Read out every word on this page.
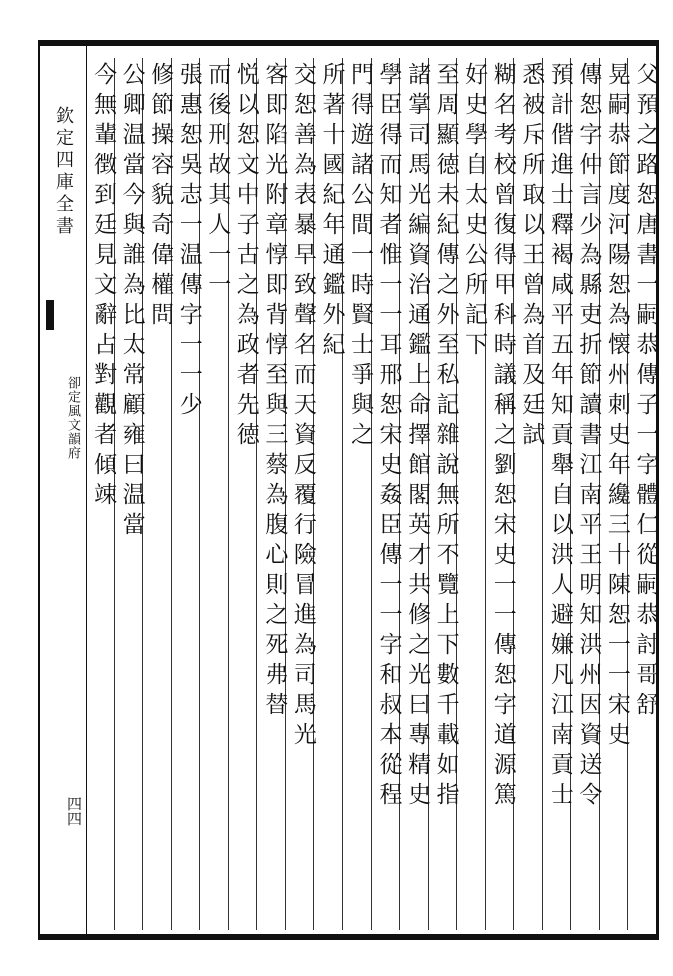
欽定四庫全書
卻定風文韻府
四四
父預之路恕唐書一嗣恭傳子一字體仁從嗣恭討哥舒
晃嗣恭節度河陽恕為懐州刺史年纔三十陳恕一一宋史
傳恕字仲言少為縣吏折節讀書江南平王明知洪州因資送令
預計偕進士釋褐咸平五年知貢舉自以洪人避嫌凡江南貢士
悉被斥所取以王曾為首及廷試
糊名考校曾復得甲科時議稱之劉恕宋史一一傳恕字道源篤
好史學自太史公所記下
至周顯徳未紀傳之外至私記雜說無所不覽上下數千載如指
諸掌司馬光編資治通鑑上命擇館閣英才共修之光曰專精史
學臣得而知者惟一一耳邢恕宋史姦臣傳一一字和叔本從程
門得遊諸公間一時賢士爭與之
所著十國紀年通鑑外紀
交恕善為表暴早致聲名而天資反覆行險冒進為司馬光
客即陷光附章惇即背惇至與三蔡為腹心則之死弗替
悦以恕文中子古之為政者先徳
而後刑故其人一一
張惠恕吳志一温傳字一一少
修節操容貌奇偉權問
公卿温當今與誰為比太常顧雍曰温當
今無輩徴到廷見文辭占對觀者傾竦
